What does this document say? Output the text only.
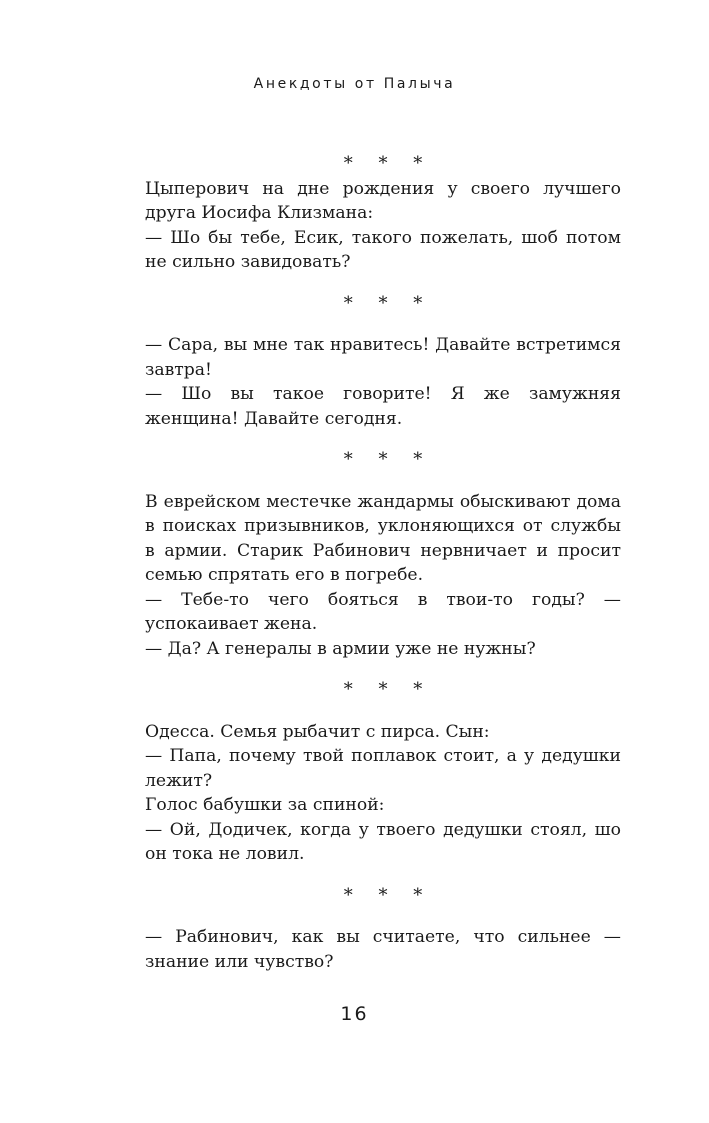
Анекдоты от Палыча
* * *

Цыперович на дне рождения у своего лучшего друга Иосифа Клизмана:

— Шо бы тебе, Есик, такого пожелать, шоб потом не сильно завидовать?

* * *

— Сара, вы мне так нравитесь! Давайте встретимся завтра!

— Шо вы такое говорите! Я же замужняя женщина! Давайте сегодня.

* * *

В еврейском местечке жандармы обыскивают дома в поисках призывников, уклоняющихся от службы в армии. Старик Рабинович нервничает и просит семью спрятать его в погребе.

— Тебе-то чего бояться в твои-то годы? — успокаивает жена.

— Да? А генералы в армии уже не нужны?

* * *

Одесса. Семья рыбачит с пирса. Сын:

— Папа, почему твой поплавок стоит, а у дедушки лежит?

Голос бабушки за спиной:

— Ой, Додичек, когда у твоего дедушки стоял, шо он тока не ловил.

* * *

— Рабинович, как вы считаете, что сильнее — знание или чувство?

16
